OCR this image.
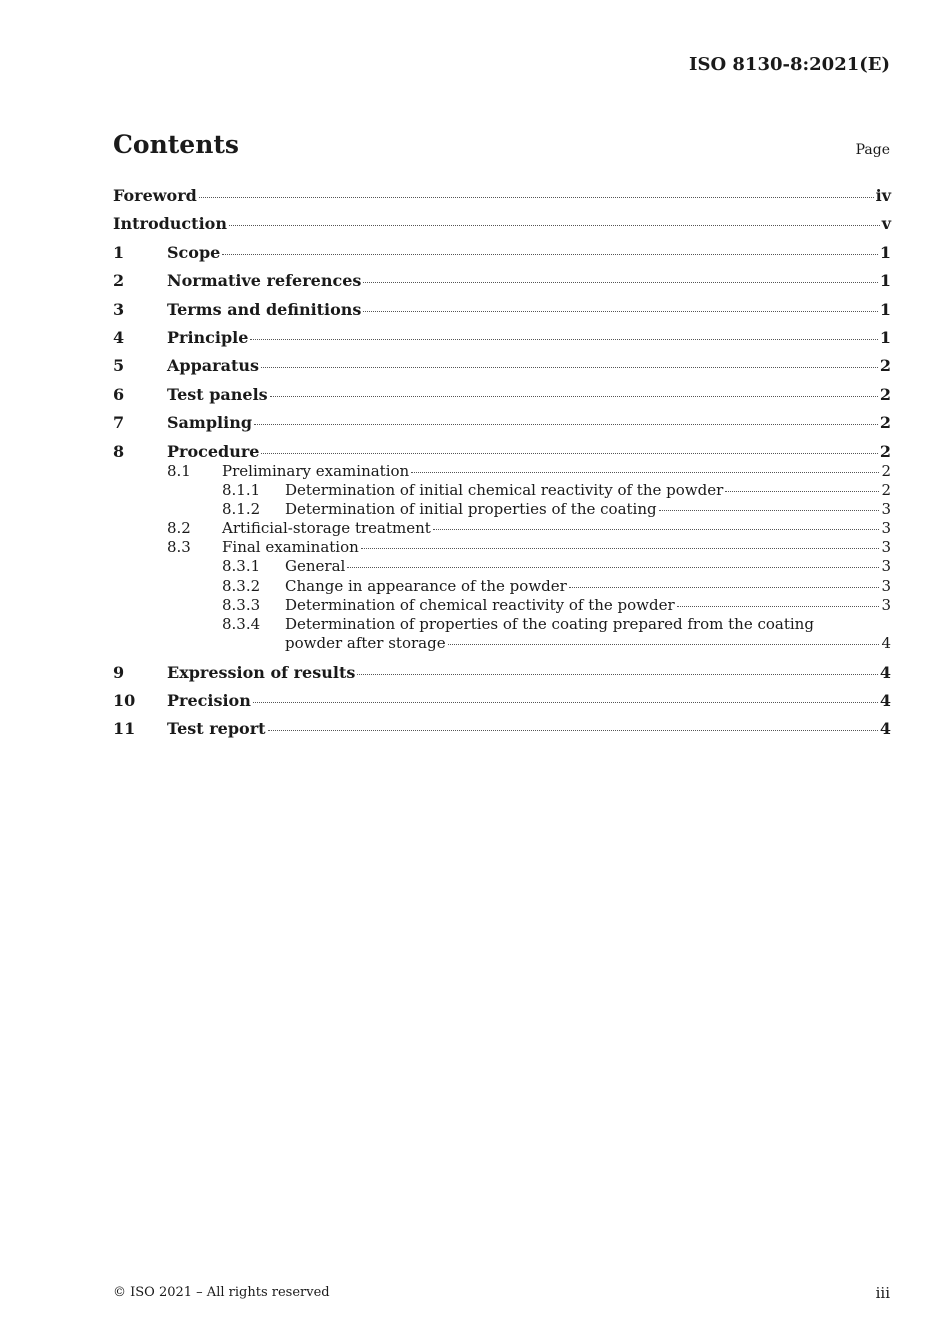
ISO 8130-8:2021(E)
Contents	Page
Foreword	iv
Introduction	v
1	Scope	1
2	Normative references	1
3	Terms and definitions	1
4	Principle	1
5	Apparatus	2
6	Test panels	2
7	Sampling	2
8	Procedure	2
8.1	Preliminary examination	2
8.1.1	Determination of initial chemical reactivity of the powder	2
8.1.2	Determination of initial properties of the coating	3
8.2	Artificial-storage treatment	3
8.3	Final examination	3
8.3.1	General	3
8.3.2	Change in appearance of the powder	3
8.3.3	Determination of chemical reactivity of the powder	3
8.3.4	Determination of properties of the coating prepared from the coating
powder after storage	4
9	Expression of results	4
10	Precision	4
11	Test report	4
© ISO 2021 – All rights reserved	iii
